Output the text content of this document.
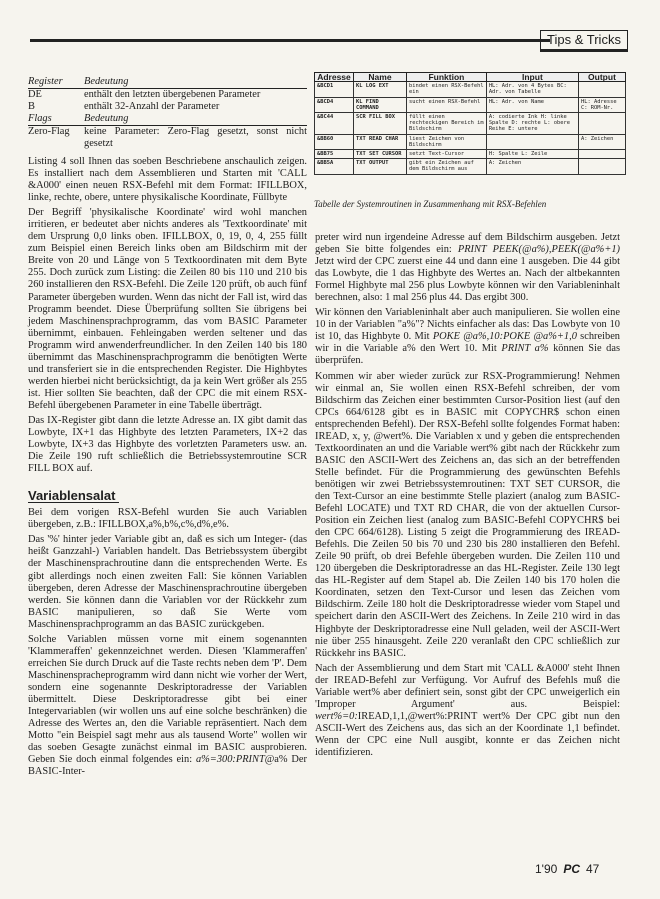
Tips & Tricks
Register	Bedeutung
DE	enthält den letzten übergebenen Parameter
B	enthält 32-Anzahl der Parameter
Flags	Bedeutung
Zero-Flag	keine Parameter: Zero-Flag gesetzt, sonst nicht gesetzt

Listing 4 soll Ihnen das soeben Beschriebene anschaulich zeigen. Es installiert nach dem Assemblieren und Starten mit 'CALL &A000' einen neuen RSX-Befehl mit dem Format: IFILLBOX, linke, rechte, obere, untere physikalische Koordinate, Füllbyte

Der Begriff 'physikalische Koordinate' wird wohl manchen irritieren, er bedeutet aber nichts anderes als 'Textkoordinate' mit dem Ursprung 0,0 links oben. IFILLBOX, 0, 19, 0, 4, 255 füllt zum Beispiel einen Bereich links oben am Bildschirm mit der Breite von 20 und Länge von 5 Textkoordinaten mit dem Byte 255. Doch zurück zum Listing: die Zeilen 80 bis 110 und 210 bis 260 installieren den RSX-Befehl. Die Zeile 120 prüft, ob auch fünf Parameter übergeben wurden. Wenn das nicht der Fall ist, wird das Programm beendet. Diese Überprüfung sollten Sie übrigens bei jedem Maschinensprachprogramm, das vom BASIC Parameter übernimmt, einbauen. Fehleingaben werden seltener und das Programm wird anwenderfreundlicher. In den Zeilen 140 bis 180 übernimmt das Maschinensprachprogramm die benötigten Werte und transferiert sie in die entsprechenden Register. Die Highbytes werden hierbei nicht berücksichtigt, da ja kein Wert größer als 255 ist. Hier sollten Sie beachten, daß der CPC die mit einem RSX-Befehl übergebenen Parameter in eine Tabelle überträgt.

Das IX-Register gibt dann die letzte Adresse an. IX gibt damit das Lowbyte, IX+1 das Highbyte des letzten Parameters, IX+2 das Lowbyte, IX+3 das Highbyte des vorletzten Parameters usw. an. Die Zeile 190 ruft schließlich die Betriebssystemroutine SCR FILL BOX auf.

Variablensalat

Bei dem vorigen RSX-Befehl wurden Sie auch Variablen übergeben, z.B.: IFILLBOX,a%,b%,c%,d%,e%.

Das '%' hinter jeder Variable gibt an, daß es sich um Integer- (das heißt Ganzzahl-) Variablen handelt. Das Betriebssystem übergibt der Maschinensprachroutine dann die entsprechenden Werte. Es gibt allerdings noch einen zweiten Fall: Sie können Variablen übergeben, deren Adresse der Maschinensprachroutine übergeben werden. Sie können dann die Variablen vor der Rückkehr zum BASIC manipulieren, so daß Sie Werte vom Maschinensprachprogramm an das BASIC zurückgeben.

Solche Variablen müssen vorne mit einem sogenannten 'Klammeraffen' gekennzeichnet werden. Diesen 'Klammeraffen' erreichen Sie durch Druck auf die Taste rechts neben dem 'P'. Dem Maschinenspracheprogramm wird dann nicht wie vorher der Wert, sondern eine sogenannte Deskriptoradresse der Variablen übermittelt. Diese Deskriptoradresse gibt bei einer Integervariablen (wir wollen uns auf eine solche beschränken) die Adresse des Wertes an, den die Variable repräsentiert. Nach dem Motto "ein Beispiel sagt mehr aus als tausend Worte" wollen wir das soeben Gesagte zunächst einmal im BASIC ausprobieren. Geben Sie doch einmal folgendes ein: a%=300:PRINT@a% Der BASIC-Inter-

Adresse	Name	Funktion	Input	Output
&BCD1	KL LOG EXT	bindet einen RSX-Befehl ein	HL: Adr. von 4 Bytes BC: Adr. von Tabelle	
&BCD4	KL FIND COMMAND	sucht einen RSX-Befehl	HL: Adr. von Name	HL: Adresse C: ROM-Nr.
&BC44	SCR FILL BOX	füllt einen rechteckigen Bereich im Bildschirm	A: codierte Ink H: linke Spalte D: rechte L: obere Reihe E: untere	
&BB60	TXT READ CHAR	liest Zeichen von Bildschirm		A: Zeichen
&BB75	TXT SET CURSOR	setzt Text-Cursor	H: Spalte L: Zeile	
&BB5A	TXT OUTPUT	gibt ein Zeichen auf dem Bildschirm aus	A: Zeichen	
Tabelle der Systemroutinen in Zusammenhang mit RSX-Befehlen

preter wird nun irgendeine Adresse auf dem Bildschirm ausgeben. Jetzt geben Sie bitte folgendes ein: PRINT PEEK(@a%),PEEK(@a%+1) Jetzt wird der CPC zuerst eine 44 und dann eine 1 ausgeben. Die 44 gibt das Lowbyte, die 1 das Highbyte des Wertes an. Nach der altbekannten Formel Highbyte mal 256 plus Lowbyte können wir den Variableninhalt berechnen, also: 1 mal 256 plus 44. Das ergibt 300.

Wir können den Variableninhalt aber auch manipulieren. Sie wollen eine 10 in der Variablen "a%"? Nichts einfacher als das: Das Lowbyte von 10 ist 10, das Highbyte 0. Mit POKE @a%,10:POKE @a%+1,0 schreiben wir in die Variable a% den Wert 10. Mit PRINT a% können Sie das überprüfen.

Kommen wir aber wieder zurück zur RSX-Programmierung! Nehmen wir einmal an, Sie wollen einen RSX-Befehl schreiben, der vom Bildschirm das Zeichen einer bestimmten Cursor-Position liest (auf den CPCs 664/6128 gibt es in BASIC mit COPYCHR$ schon einen entsprechenden Befehl). Der RSX-Befehl sollte folgendes Format haben: IREAD, x, y, @wert%. Die Variablen x und y geben die entsprechenden Textkoordinaten an und die Variable wert% gibt nach der Rückkehr zum BASIC den ASCII-Wert des Zeichens an, das sich an der betreffenden Stelle befindet. Für die Programmierung des gewünschten Befehls benötigen wir zwei Betriebssystemroutinen: TXT SET CURSOR, die den Text-Cursor an eine bestimmte Stelle plaziert (analog zum BASIC-Befehl LOCATE) und TXT RD CHAR, die von der aktuellen Cursor-Position ein Zeichen liest (analog zum BASIC-Befehl COPYCHR$ bei den CPC 664/6128). Listing 5 zeigt die Programmierung des IREAD-Befehls. Die Zeilen 50 bis 70 und 230 bis 280 installieren den Befehl. Zeile 90 prüft, ob drei Befehle übergeben wurden. Die Zeilen 110 und 120 übergeben die Deskriptoradresse an das HL-Register. Zeile 130 legt das HL-Register auf dem Stapel ab. Die Zeilen 140 bis 170 holen die Koordinaten, setzen den Text-Cursor und lesen das Zeichen vom Bildschirm. Zeile 180 holt die Deskriptoradresse wieder vom Stapel und speichert darin den ASCII-Wert des Zeichens. In Zeile 210 wird in das Highbyte der Deskriptoradresse eine Null geladen, weil der ASCII-Wert nie über 255 hinausgeht. Zeile 220 veranlaßt den CPC schließlich zur Rückkehr ins BASIC.

Nach der Assemblierung und dem Start mit 'CALL &A000' steht Ihnen der IREAD-Befehl zur Verfügung. Vor Aufruf des Befehls muß die Variable wert% aber definiert sein, sonst gibt der CPC unweigerlich ein 'Improper Argument' aus. Beispiel: wert%=0:IREAD,1,1,@wert%:PRINT wert% Der CPC gibt nun den ASCII-Wert des Zeichens aus, das sich an der Koordinate 1,1 befindet. Wenn der CPC eine Null ausgibt, konnte er das Zeichen nicht identifizieren.

1'90 PC 47
